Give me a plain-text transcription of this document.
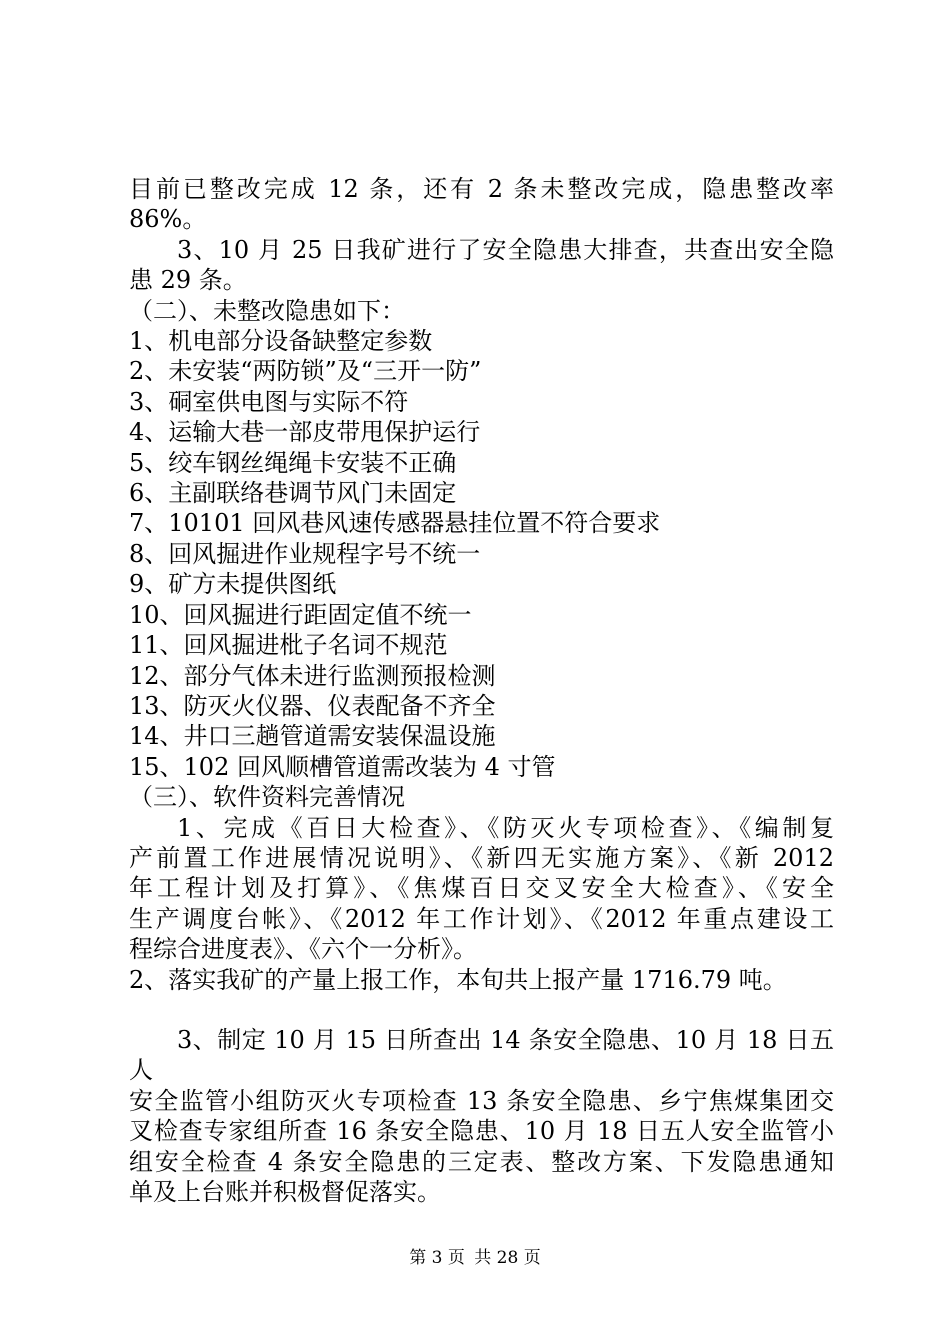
目前已整改完成 12 条，还有 2 条未整改完成，隐患整改率

86%。

3、10 月 25 日我矿进行了安全隐患大排查，共查出安全隐

患 29 条。

（二）、未整改隐患如下：

1、机电部分设备缺整定参数

2、未安装“两防锁”及“三开一防”

3、硐室供电图与实际不符

4、运输大巷一部皮带甩保护运行

5、绞车钢丝绳绳卡安装不正确

6、主副联络巷调节风门未固定

7、10101 回风巷风速传感器悬挂位置不符合要求

8、回风掘进作业规程字号不统一

9、矿方未提供图纸

10、回风掘进行距固定值不统一

11、回风掘进枇子名词不规范

12、部分气体未进行监测预报检测

13、防灭火仪器、仪表配备不齐全

14、井口三趟管道需安装保温设施

15、102 回风顺槽管道需改装为 4 寸管

（三）、软件资料完善情况

1、完成《百日大检查》、《防灭火专项检查》、《编制复

产前置工作进展情况说明》、《新四无实施方案》、《新 2012

年工程计划及打算》、《焦煤百日交叉安全大检查》、《安全

生产调度台帐》、《2012 年工作计划》、《2012 年重点建设工

程综合进度表》、《六个一分析》。

2、落实我矿的产量上报工作，本旬共上报产量 1716.79 吨。

3、制定 10 月 15 日所查出 14 条安全隐患、10 月 18 日五人

安全监管小组防灭火专项检查 13 条安全隐患、乡宁焦煤集团交

叉检查专家组所查 16 条安全隐患、10 月 18 日五人安全监管小

组安全检查 4 条安全隐患的三定表、整改方案、下发隐患通知

单及上台账并积极督促落实。

第 3 页 共 28 页
